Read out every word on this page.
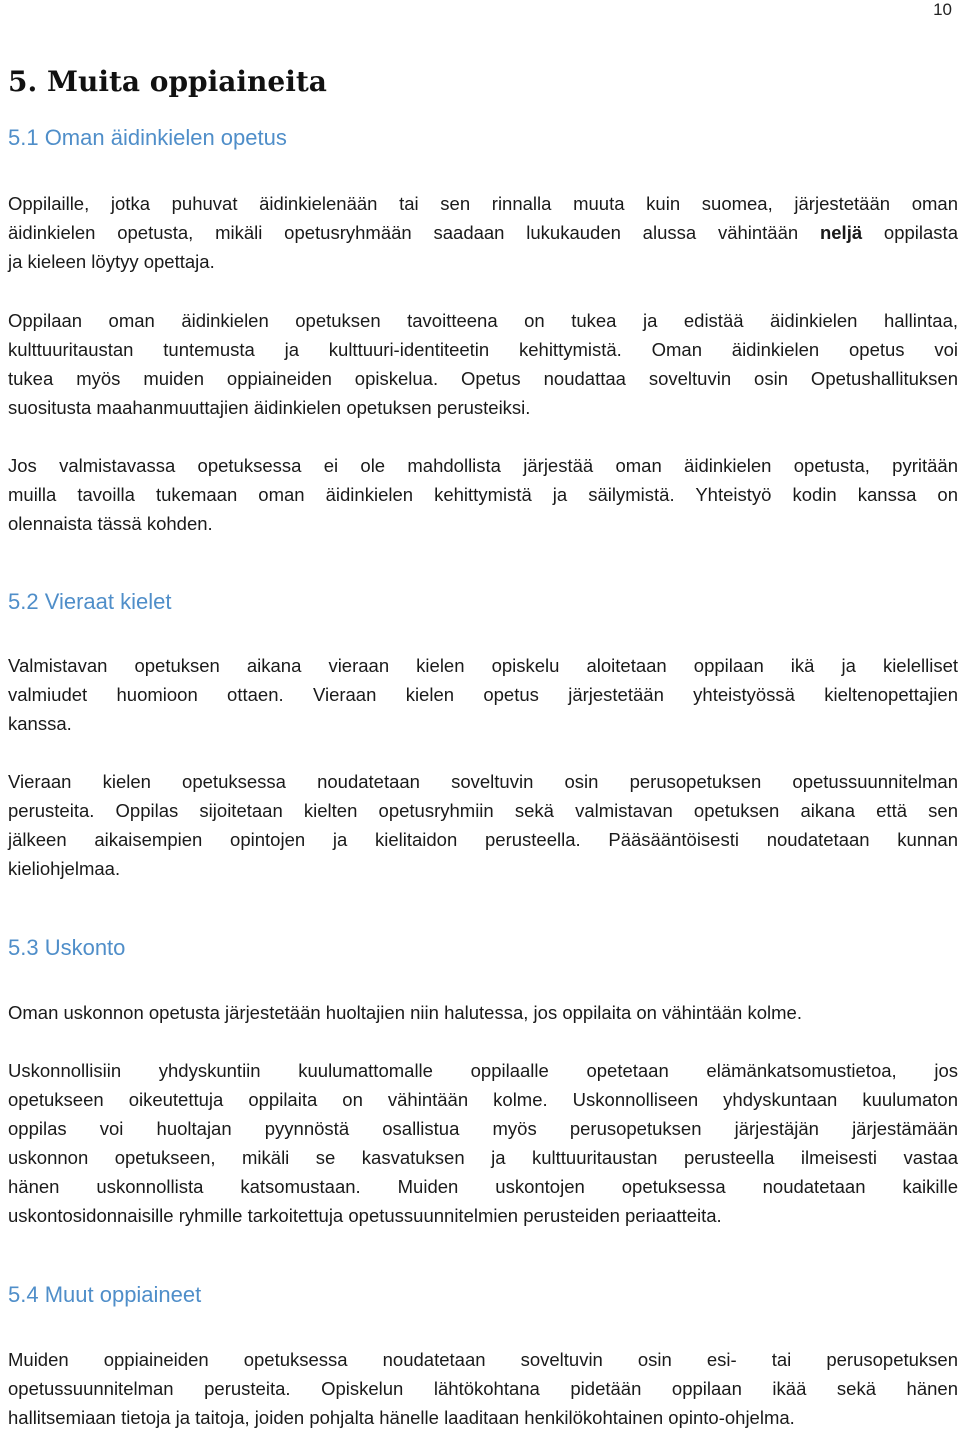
10
5. Muita oppiaineita
5.1 Oman äidinkielen opetus
Oppilaille, jotka puhuvat äidinkielenään tai sen rinnalla muuta kuin suomea, järjestetään oman
äidinkielen opetusta, mikäli opetusryhmään saadaan lukukauden alussa vähintään neljä oppilasta
ja kieleen löytyy opettaja.
Oppilaan oman äidinkielen opetuksen tavoitteena on tukea ja edistää äidinkielen hallintaa,
kulttuuritaustan tuntemusta ja kulttuuri-identiteetin kehittymistä. Oman äidinkielen opetus voi
tukea myös muiden oppiaineiden opiskelua. Opetus noudattaa soveltuvin osin Opetushallituksen
suositusta maahanmuuttajien äidinkielen opetuksen perusteiksi.
Jos valmistavassa opetuksessa ei ole mahdollista järjestää oman äidinkielen opetusta, pyritään
muilla tavoilla tukemaan oman äidinkielen kehittymistä ja säilymistä. Yhteistyö kodin kanssa on
olennaista tässä kohden.
5.2 Vieraat kielet
Valmistavan opetuksen aikana vieraan kielen opiskelu aloitetaan oppilaan ikä ja kielelliset
valmiudet huomioon ottaen. Vieraan kielen opetus järjestetään yhteistyössä kieltenopettajien
kanssa.
Vieraan kielen opetuksessa noudatetaan soveltuvin osin perusopetuksen opetussuunnitelman
perusteita. Oppilas sijoitetaan kielten opetusryhmiin sekä valmistavan opetuksen aikana että sen
jälkeen aikaisempien opintojen ja kielitaidon perusteella. Pääsääntöisesti noudatetaan kunnan
kieliohjelmaa.
5.3 Uskonto
Oman uskonnon opetusta järjestetään huoltajien niin halutessa, jos oppilaita on vähintään kolme.
Uskonnollisiin yhdyskuntiin kuulumattomalle oppilaalle opetetaan elämänkatsomustietoa, jos
opetukseen oikeutettuja oppilaita on vähintään kolme. Uskonnolliseen yhdyskuntaan kuulumaton
oppilas voi huoltajan pyynnöstä osallistua myös perusopetuksen järjestäjän järjestämään
uskonnon opetukseen, mikäli se kasvatuksen ja kulttuuritaustan perusteella ilmeisesti vastaa
hänen uskonnollista katsomustaan. Muiden uskontojen opetuksessa noudatetaan kaikille
uskontosidonnaisille ryhmille tarkoitettuja opetussuunnitelmien perusteiden periaatteita.
5.4 Muut oppiaineet
Muiden oppiaineiden opetuksessa noudatetaan soveltuvin osin esi- tai perusopetuksen
opetussuunnitelman perusteita. Opiskelun lähtökohtana pidetään oppilaan ikää sekä hänen
hallitsemiaan tietoja ja taitoja, joiden pohjalta hänelle laaditaan henkilökohtainen opinto-ohjelma.
